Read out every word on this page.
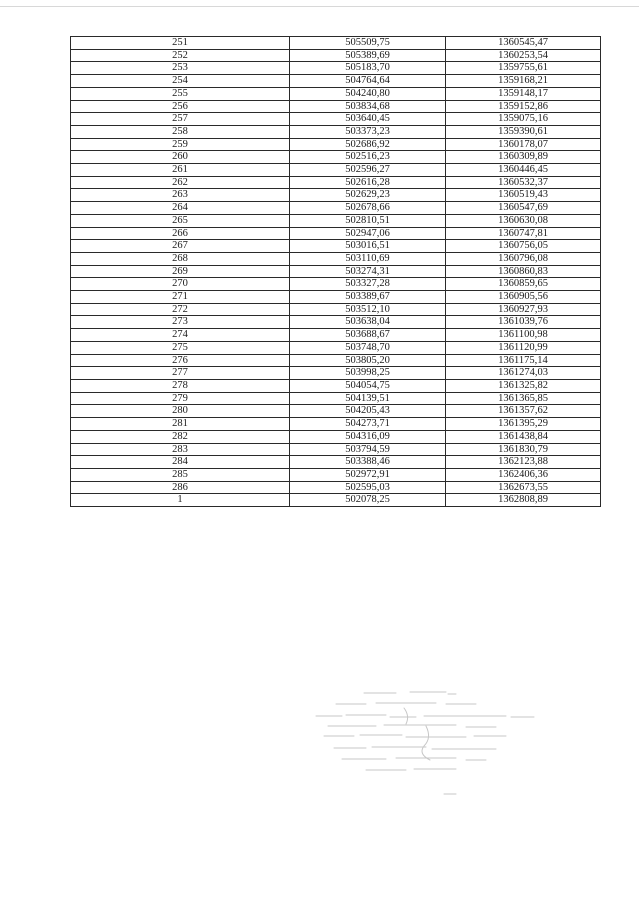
251	505509,75	1360545,47
252	505389,69	1360253,54
253	505183,70	1359755,61
254	504764,64	1359168,21
255	504240,80	1359148,17
256	503834,68	1359152,86
257	503640,45	1359075,16
258	503373,23	1359390,61
259	502686,92	1360178,07
260	502516,23	1360309,89
261	502596,27	1360446,45
262	502616,28	1360532,37
263	502629,23	1360519,43
264	502678,66	1360547,69
265	502810,51	1360630,08
266	502947,06	1360747,81
267	503016,51	1360756,05
268	503110,69	1360796,08
269	503274,31	1360860,83
270	503327,28	1360859,65
271	503389,67	1360905,56
272	503512,10	1360927,93
273	503638,04	1361039,76
274	503688,67	1361100,98
275	503748,70	1361120,99
276	503805,20	1361175,14
277	503998,25	1361274,03
278	504054,75	1361325,82
279	504139,51	1361365,85
280	504205,43	1361357,62
281	504273,71	1361395,29
282	504316,09	1361438,84
283	503794,59	1361830,79
284	503388,46	1362123,88
285	502972,91	1362406,36
286	502595,03	1362673,55
1	502078,25	1362808,89
